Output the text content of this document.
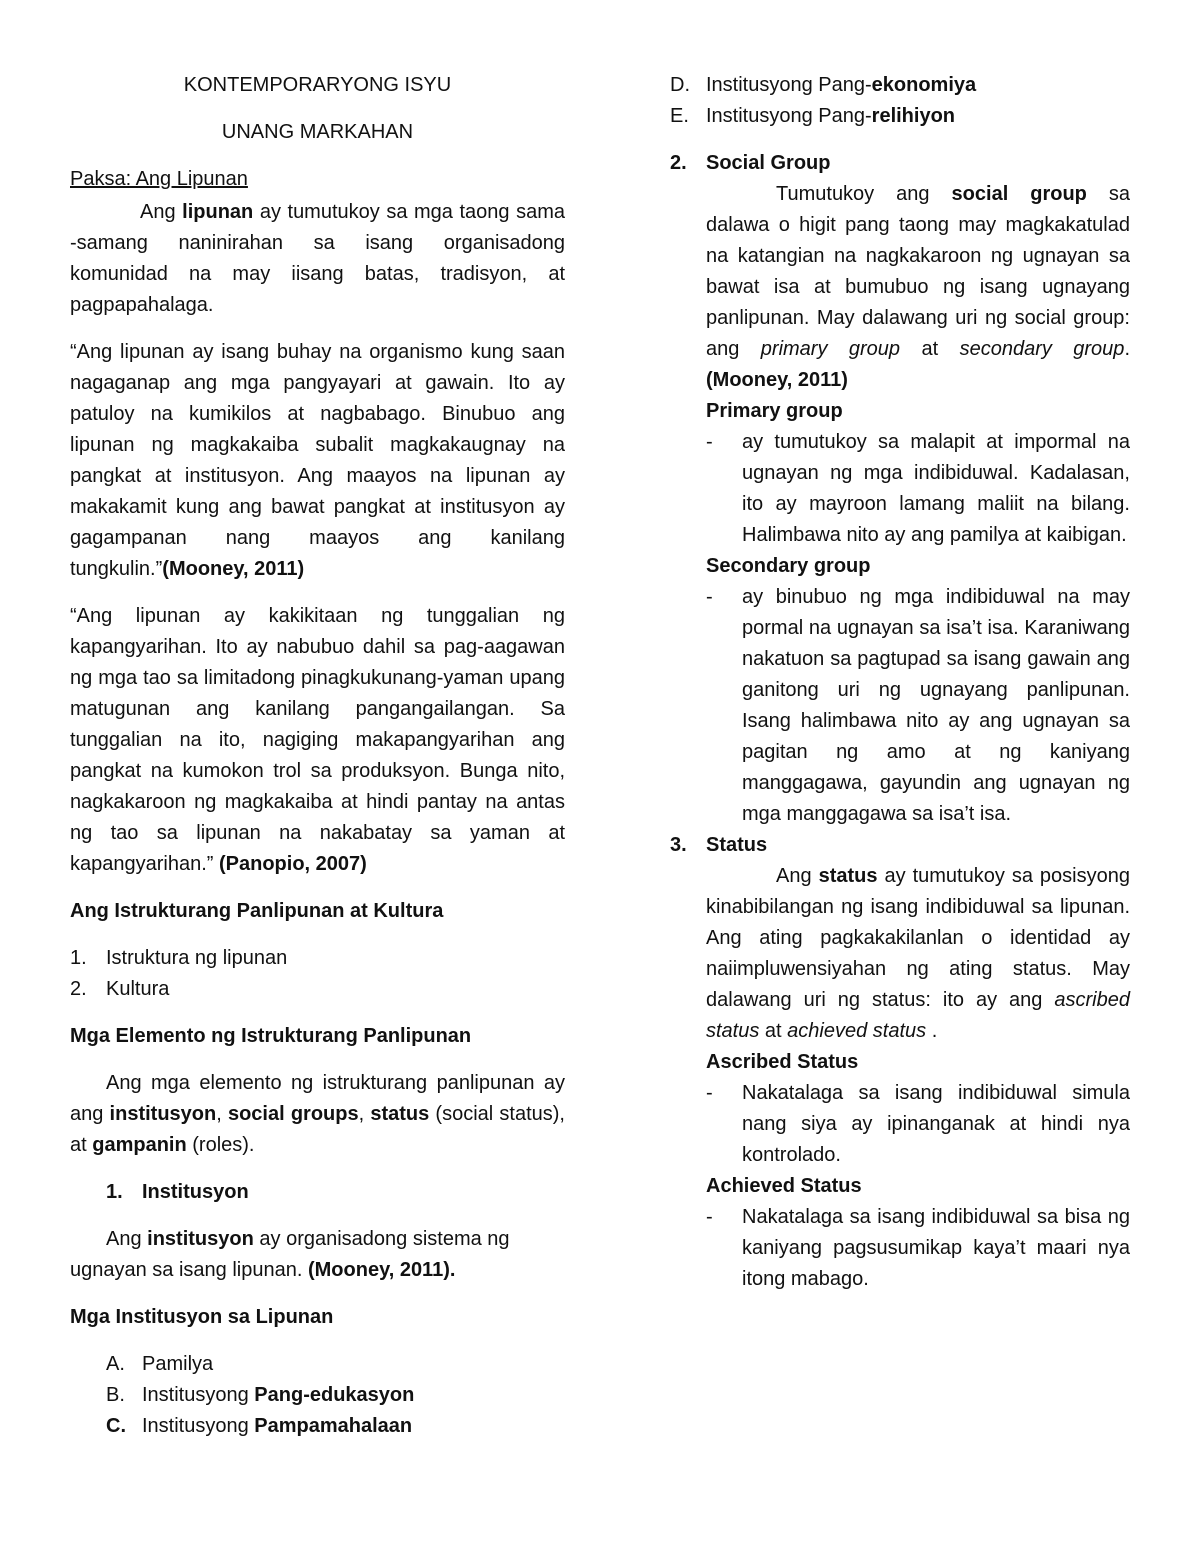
KONTEMPORARYONG ISYU

UNANG MARKAHAN

Paksa: Ang Lipunan

Ang lipunan ay tumutukoy sa mga taong sama -samang naninirahan sa isang organisadong komunidad na may iisang batas, tradisyon, at pagpapahalaga.

“Ang lipunan ay isang buhay na organismo kung saan nagaganap ang mga pangyayari at gawain. Ito ay patuloy na kumikilos at nagbabago. Binubuo ang lipunan ng magkakaiba subalit magkakaugnay na pangkat at institusyon. Ang maayos na lipunan ay makakamit kung ang bawat pangkat at institusyon ay gagampanan nang maayos ang kanilang tungkulin.”(Mooney, 2011)

“Ang lipunan ay kakikitaan ng tunggalian ng kapangyarihan. Ito ay nabubuo dahil sa pag-aagawan ng mga tao sa limitadong pinagkukunang-yaman upang matugunan ang kanilang pangangailangan. Sa tunggalian na ito, nagiging makapangyarihan ang pangkat na kumokon trol sa produksyon. Bunga nito, nagkakaroon ng magkakaiba at hindi pantay na antas ng tao sa lipunan na nakabatay sa yaman at kapangyarihan.” (Panopio, 2007)

Ang Istrukturang Panlipunan at Kultura

1. Istruktura ng lipunan
2. Kultura

Mga Elemento ng Istrukturang Panlipunan

Ang mga elemento ng istrukturang panlipunan ay ang institusyon, social groups, status (social status), at gampanin (roles).

1. Institusyon

Ang institusyon ay organisadong sistema ng ugnayan sa isang lipunan. (Mooney, 2011).

Mga Institusyon sa Lipunan

A. Pamilya
B. Institusyong Pang-edukasyon
C. Institusyong Pampamahalaan
D. Institusyong Pang-ekonomiya
E. Institusyong Pang-relihiyon
2. Social Group

Tumutukoy ang social group sa dalawa o higit pang taong may magkakatulad na katangian na nagkakaroon ng ugnayan sa bawat isa at bumubuo ng isang ugnayang panlipunan. May dalawang uri ng social group: ang primary group at secondary group. (Mooney, 2011)

Primary group

-	ay tumutukoy sa malapit at impormal na ugnayan ng mga indibiduwal. Kadalasan, ito ay mayroon lamang maliit na bilang. Halimbawa nito ay ang pamilya at kaibigan.

Secondary group

-	ay binubuo ng mga indibiduwal na may pormal na ugnayan sa isa’t isa. Karaniwang nakatuon sa pagtupad sa isang gawain ang ganitong uri ng ugnayang panlipunan. Isang halimbawa nito ay ang ugnayan sa pagitan ng amo at ng kaniyang manggagawa, gayundin ang ugnayan ng mga manggagawa sa isa’t isa.
3. Status

Ang status ay tumutukoy sa posisyong kinabibilangan ng isang indibiduwal sa lipunan. Ang ating pagkakakilanlan o identidad ay naiimpluwensiyahan ng ating status. May dalawang uri ng status: ito ay ang ascribed status at achieved status .

Ascribed Status

-	Nakatalaga sa isang indibiduwal simula nang siya ay ipinanganak at hindi nya kontrolado.

Achieved Status

-	Nakatalaga sa isang indibiduwal sa bisa ng kaniyang pagsusumikap kaya’t maari nya itong mabago.
